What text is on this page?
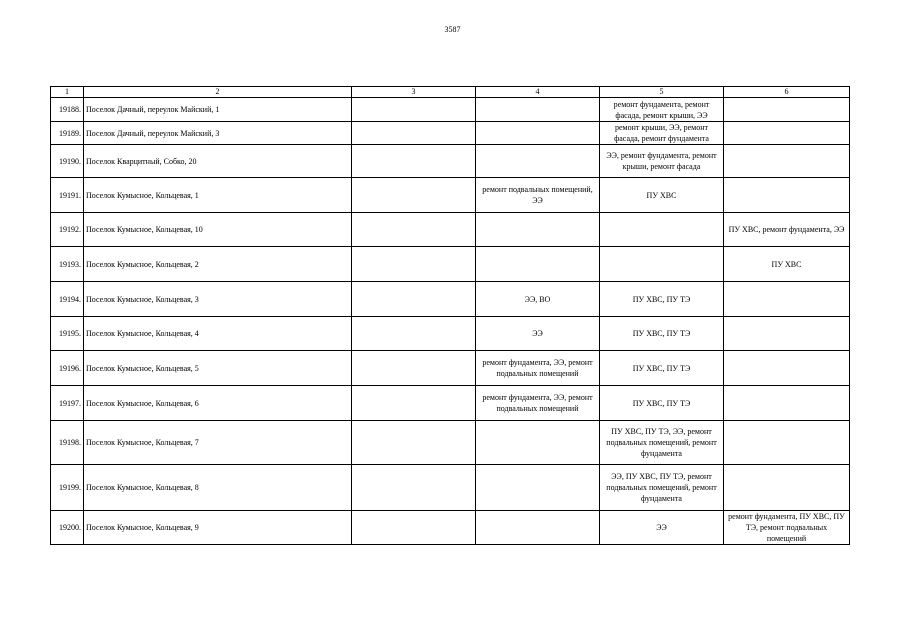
3587
1	2	3	4	5	6
19188.	Поселок Дачный, переулок Майский, 1			ремонт фундамента, ремонт фасада, ремонт крыши, ЭЭ	
19189.	Поселок Дачный, переулок Майский, 3			ремонт крыши, ЭЭ, ремонт фасада, ремонт фундамента	
19190.	Поселок Кварцитный, Собко, 20			ЭЭ, ремонт фундамента, ремонт крыши, ремонт фасада	
19191.	Поселок Кумысное, Кольцевая, 1		ремонт подвальных помещений, ЭЭ	ПУ ХВС	
19192.	Поселок Кумысное, Кольцевая, 10				ПУ ХВС, ремонт фундамента, ЭЭ
19193.	Поселок Кумысное, Кольцевая, 2				ПУ ХВС
19194.	Поселок Кумысное, Кольцевая, 3		ЭЭ, ВО	ПУ ХВС, ПУ ТЭ	
19195.	Поселок Кумысное, Кольцевая, 4		ЭЭ	ПУ ХВС, ПУ ТЭ	
19196.	Поселок Кумысное, Кольцевая, 5		ремонт фундамента, ЭЭ, ремонт подвальных помещений	ПУ ХВС, ПУ ТЭ	
19197.	Поселок Кумысное, Кольцевая, 6		ремонт фундамента, ЭЭ, ремонт подвальных помещений	ПУ ХВС, ПУ ТЭ	
19198.	Поселок Кумысное, Кольцевая, 7			ПУ ХВС, ПУ ТЭ, ЭЭ, ремонт подвальных помещений, ремонт фундамента	
19199.	Поселок Кумысное, Кольцевая, 8			ЭЭ, ПУ ХВС, ПУ ТЭ, ремонт подвальных помещений, ремонт фундамента	
19200.	Поселок Кумысное, Кольцевая, 9			ЭЭ	ремонт фундамента, ПУ ХВС, ПУ ТЭ, ремонт подвальных помещений
